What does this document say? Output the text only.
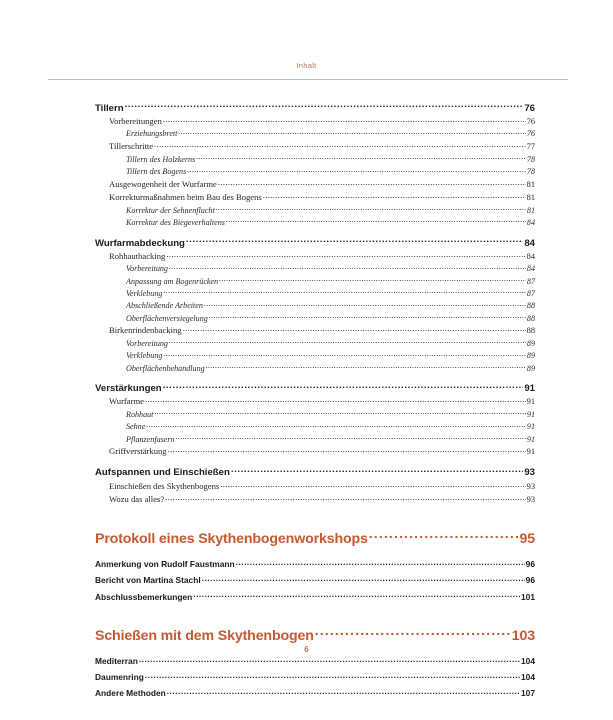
Inhalt
Tillern .....	76
Vorbereitungen .....	76
Erziehungsbrett .....	76
Tillerschritte .....	77
Tillern des Holzkerns .....	78
Tillern des Bogens .....	78
Ausgewogenheit der Wurfarme .....	81
Korrekturmaßnahmen beim Bau des Bogens .....	81
Korrektur der Sehnenflucht .....	81
Korrektur des Biegeverhaltens .....	84
Wurfarmabdeckung .....	84
Rohhautbacking .....	84
Vorbereitung .....	84
Anpassung am Bogenrücken .....	87
Verklebung .....	87
Abschließende Arbeiten .....	88
Oberflächenversiegelung .....	88
Birkenrindenbacking .....	88
Vorbereitung .....	89
Verklebung .....	89
Oberflächenbehandlung .....	89
Verstärkungen .....	91
Wurfarme .....	91
Rohhaut .....	91
Sehne .....	91
Pflanzenfasern .....	91
Griffverstärkung .....	91
Aufspannen und Einschießen .....	93
Einschießen des Skythenbogens .....	93
Wozu das alles? .....	93
Protokoll eines Skythenbogenworkshops .....	95
Anmerkung von Rudolf Faustmann .....	96
Bericht von Martina Stachl .....	96
Abschlussbemerkungen .....	101
Schießen mit dem Skythenbogen .....	103
Mediterran .....	104
Daumenring .....	104
Andere Methoden .....	107
6
